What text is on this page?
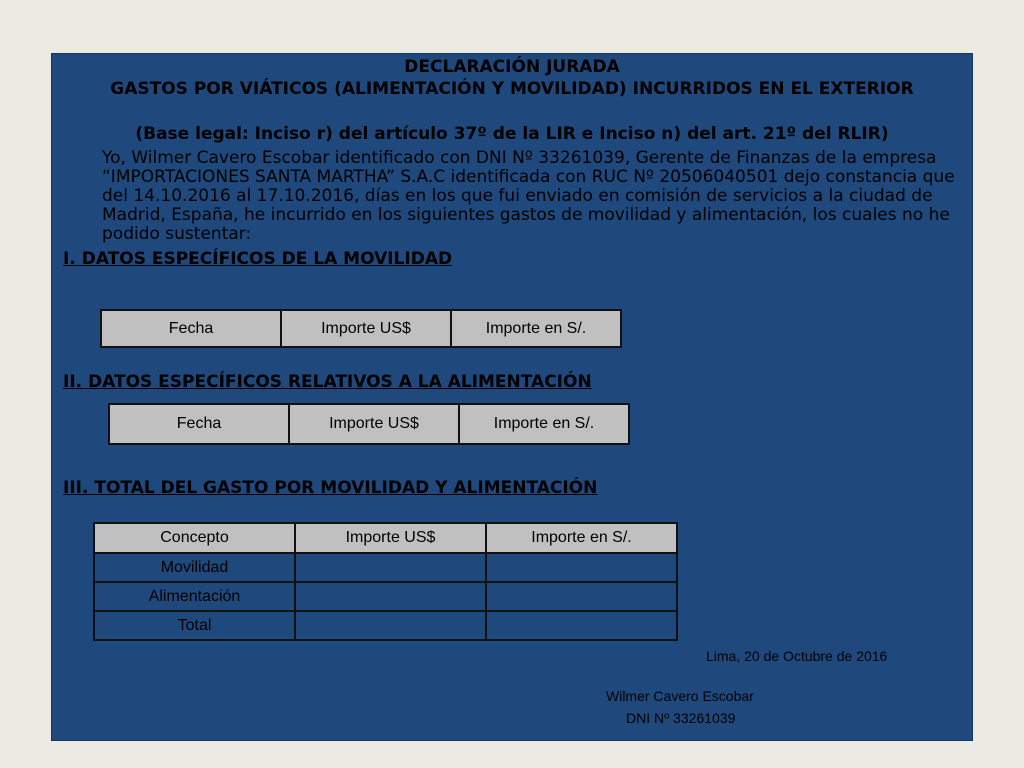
DECLARACIÓN JURADA
GASTOS POR VIÁTICOS (ALIMENTACIÓN Y MOVILIDAD) INCURRIDOS EN EL EXTERIOR
(Base legal: Inciso r) del artículo 37º de la LIR e Inciso n) del art. 21º del RLIR)
Yo, Wilmer Cavero Escobar identificado con DNI Nº 33261039, Gerente de Finanzas de la empresa “IMPORTACIONES SANTA MARTHA” S.A.C identificada con RUC Nº 20506040501 dejo constancia que del 14.10.2016 al 17.10.2016, días en los que fui enviado en comisión de servicios a la ciudad de Madrid, España, he incurrido en los siguientes gastos de movilidad y alimentación, los cuales no he podido sustentar:
I. DATOS ESPECÍFICOS DE LA MOVILIDAD
Fecha	Importe US$	Importe en S/.
II. DATOS ESPECÍFICOS RELATIVOS A LA ALIMENTACIÓN
Fecha	Importe US$	Importe en S/.
III. TOTAL DEL GASTO POR MOVILIDAD Y ALIMENTACIÓN
Concepto	Importe US$	Importe en S/.
Movilidad		
Alimentación		
Total		
Lima, 20 de Octubre de 2016
Wilmer Cavero Escobar
DNI Nº 33261039
